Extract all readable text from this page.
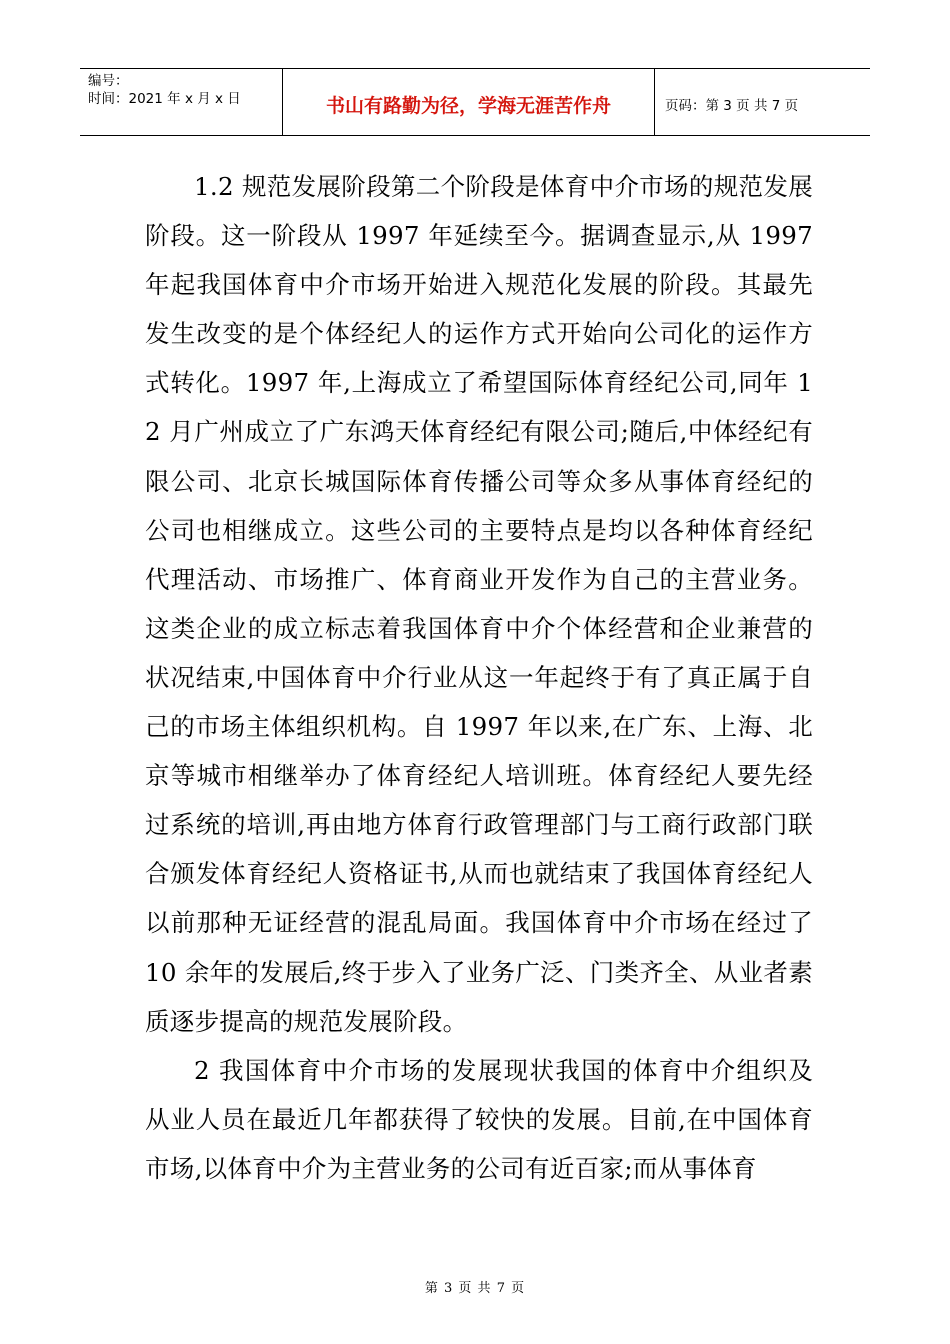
编号：
时间：2021 年 x 月 x 日	书山有路勤为径，学海无涯苦作舟	页码：第 3 页 共 7 页

1.2 规范发展阶段第二个阶段是体育中介市场的规范发展阶段。这一阶段从 1997 年延续至今。据调查显示,从 1997 年起我国体育中介市场开始进入规范化发展的阶段。其最先发生改变的是个体经纪人的运作方式开始向公司化的运作方式转化。1997 年,上海成立了希望国际体育经纪公司,同年 12 月广州成立了广东鸿天体育经纪有限公司;随后,中体经纪有限公司、北京长城国际体育传播公司等众多从事体育经纪的公司也相继成立。这些公司的主要特点是均以各种体育经纪代理活动、市场推广、体育商业开发作为自己的主营业务。这类企业的成立标志着我国体育中介个体经营和企业兼营的状况结束,中国体育中介行业从这一年起终于有了真正属于自己的市场主体组织机构。自 1997 年以来,在广东、上海、北京等城市相继举办了体育经纪人培训班。体育经纪人要先经过系统的培训,再由地方体育行政管理部门与工商行政部门联合颁发体育经纪人资格证书,从而也就结束了我国体育经纪人以前那种无证经营的混乱局面。我国体育中介市场在经过了 10 余年的发展后,终于步入了业务广泛、门类齐全、从业者素质逐步提高的规范发展阶段。

2 我国体育中介市场的发展现状我国的体育中介组织及从业人员在最近几年都获得了较快的发展。目前,在中国体育市场,以体育中介为主营业务的公司有近百家;而从事体育

第 3 页 共 7 页
